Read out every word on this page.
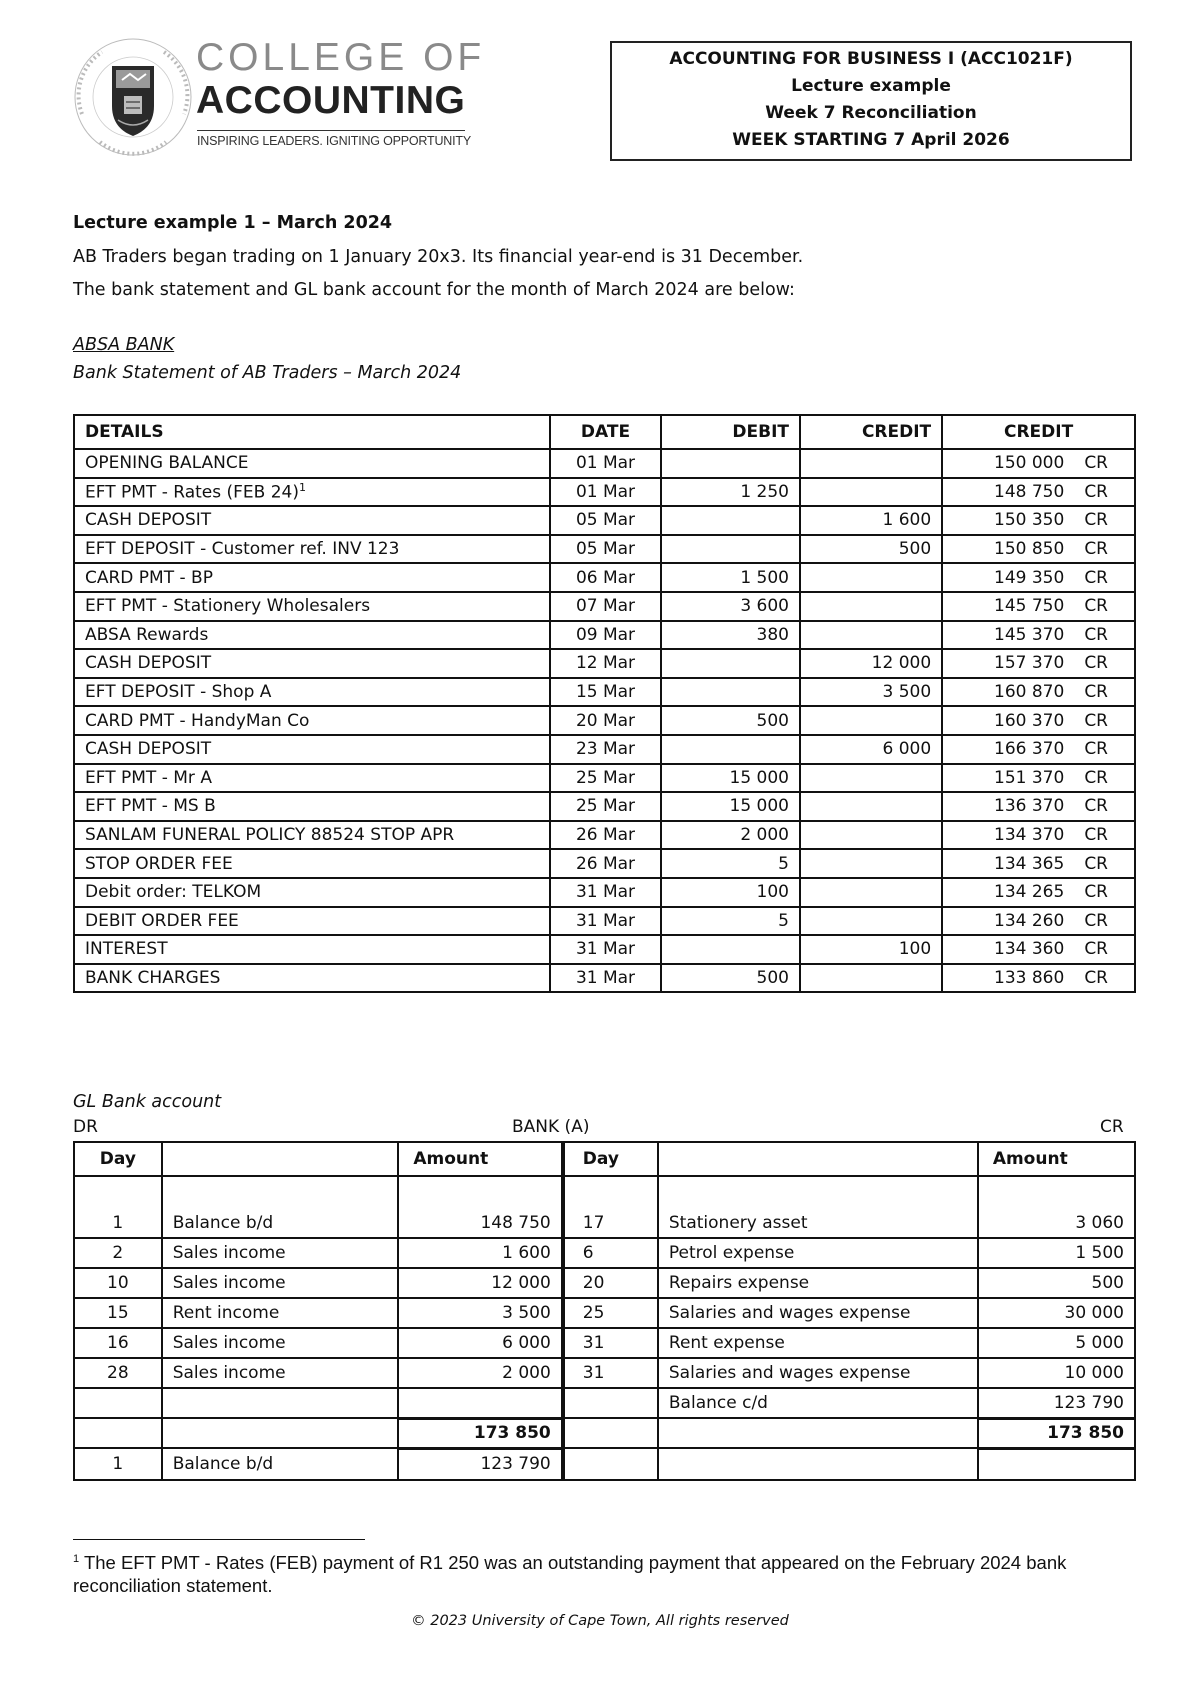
COLLEGE OF
ACCOUNTING
INSPIRING LEADERS. IGNITING OPPORTUNITY
ACCOUNTING FOR BUSINESS I (ACC1021F)
Lecture example
Week 7 Reconciliation
WEEK STARTING 7 April 2026
Lecture example 1 – March 2024
AB Traders began trading on 1 January 20x3. Its financial year-end is 31 December.
The bank statement and GL bank account for the month of March 2024 are below:
ABSA BANK
Bank Statement of AB Traders – March 2024
DETAILS	DATE	DEBIT	CREDIT	CREDIT
OPENING BALANCE	01 Mar			150 000 CR

EFT PMT - Rates (FEB 24)$^1$	01 Mar	1 250		148 750 CR

CASH DEPOSIT	05 Mar		1 600	150 350 CR

EFT DEPOSIT - Customer ref. INV 123	05 Mar		500	150 850 CR

CARD PMT - BP	06 Mar	1 500		149 350 CR

EFT PMT - Stationery Wholesalers	07 Mar	3 600		145 750 CR

ABSA Rewards	09 Mar	380		145 370 CR

CASH DEPOSIT	12 Mar		12 000	157 370 CR

EFT DEPOSIT - Shop A	15 Mar		3 500	160 870 CR

CARD PMT - HandyMan Co	20 Mar	500		160 370 CR

CASH DEPOSIT	23 Mar		6 000	166 370 CR

EFT PMT - Mr A	25 Mar	15 000		151 370 CR

EFT PMT - MS B	25 Mar	15 000		136 370 CR

SANLAM FUNERAL POLICY 88524 STOP APR	26 Mar	2 000		134 370 CR

STOP ORDER FEE	26 Mar	5		134 365 CR

Debit order: TELKOM	31 Mar	100		134 265 CR

DEBIT ORDER FEE	31 Mar	5		134 260 CR

INTEREST	31 Mar		100	134 360 CR

BANK CHARGES	31 Mar	500		133 860 CR
GL Bank account
DR	BANK (A)	CR
Day		Amount	Day		Amount
1	Balance b/d	148 750	17	Stationery asset	3 060
2	Sales income	1 600	6	Petrol expense	1 500
10	Sales income	12 000	20	Repairs expense	500
15	Rent income	3 500	25	Salaries and wages expense	30 000
16	Sales income	6 000	31	Rent expense	5 000
28	Sales income	2 000	31	Salaries and wages expense	10 000
				Balance c/d	123 790
		173 850			173 850
1	Balance b/d	123 790			
$^1$ The EFT PMT - Rates (FEB) payment of R1 250 was an outstanding payment that appeared on the February 2024 bank reconciliation statement.
© 2023 University of Cape Town, All rights reserved
